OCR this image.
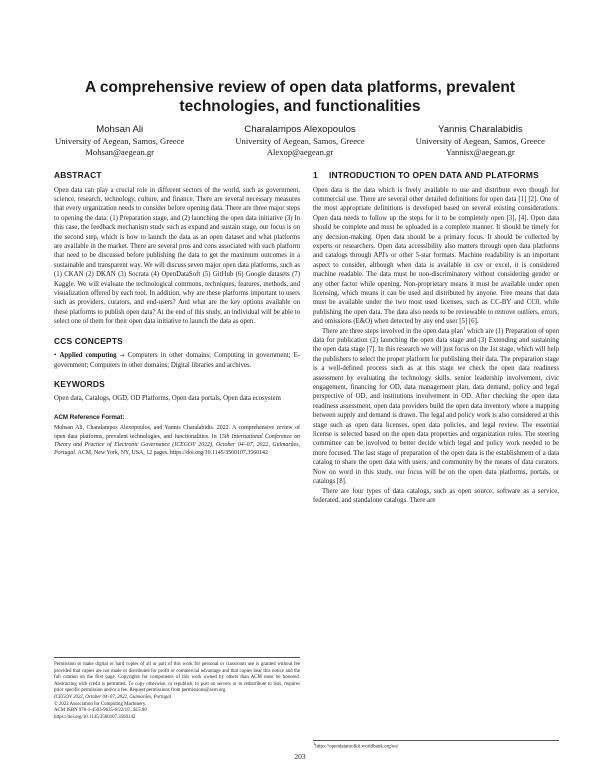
A comprehensive review of open data platforms, prevalent technologies, and functionalities
Mohsan Ali
University of Aegean, Samos, Greece
Mohsan@aegean.gr
Charalampos Alexopoulos
University of Aegean, Samos, Greece
Alexop@aegean.gr
Yannis Charalabidis
University of Aegean, Samos, Greece
Yannisx@aegean.gr
ABSTRACT

Open data can play a crucial role in different sectors of the world, such as government, science, research, technology, culture, and finance. There are several necessary measures that every organization needs to consider before opening data. There are three major steps to opening the data: (1) Preparation stage, and (2) launching the open data initiative (3) In this case, the feedback mechanism study such as expand and sustain stage, our focus is on the second step, which is how to launch the data as an open dataset and what platforms are available in the market. There are several pros and cons associated with each platform that need to be discussed before publishing the data to get the maximum outcomes in a sustainable and transparent way. We will discuss seven major open data platforms, such as (1) CKAN (2) DKAN (3) Socrata (4) OpenDataSoft (5) GitHub (6) Google datasets (7) Kaggle. We will evaluate the technological commons, techniques, features, methods, and visualization offered by each tool. In addition, why are these platforms important to users such as providers, curators, and end-users? And what are the key options available on these platforms to publish open data? At the end of this study, an individual will be able to select one of them for their open data initiative to launch the data as open.

CCS CONCEPTS

• Applied computing → Computers in other domains; Computing in government; E-government; Computers in other domains; Digital libraries and archives.

KEYWORDS

Open data, Catalogs, OGD, OD Platforms, Open data portals, Open data ecosystem

ACM Reference Format:

Mohsan Ali, Charalampos Alexopoulos, and Yannis Charalabidis. 2022. A comprehensive review of open data platforms, prevalent technologies, and functionalities. In 15th International Conference on Theory and Practice of Electronic Governance (ICEGOV 2022), October 04–07, 2022, Guimarães, Portugal. ACM, New York, NY, USA, 12 pages. https://doi.org/10.1145/3560107.3560142

Permission to make digital or hard copies of all or part of this work for personal or classroom use is granted without fee provided that copies are not made or distributed for profit or commercial advantage and that copies bear this notice and the full citation on the first page. Copyrights for components of this work owned by others than ACM must be honored. Abstracting with credit is permitted. To copy otherwise, or republish, to post on servers or to redistribute to lists, requires prior specific permission and/or a fee. Request permissions from permissions@acm.org.
ICEGOV 2022, October 04–07, 2022, Guimarães, Portugal
© 2022 Association for Computing Machinery.
ACM ISBN 978-1-4503-9635-6/22/10...$15.00
https://doi.org/10.1145/3560107.3560142
1	INTRODUCTION TO OPEN DATA AND PLATFORMS

Open data is the data which is freely available to use and distribute even though for commercial use. There are several other detailed definitions for open data [1] [2]. One of the most appropriate definitions is developed based on several existing considerations. Open data needs to follow up the steps for it to be completely open [3], [4]. Open data should be complete and must be uploaded in a complete manner. It should be timely for any decision-making. Open data should be a primary focus. It should be collected by experts or researchers. Open data accessibility also matters through open data platforms and catalogs through API's or other 5-star formats. Machine readability is an important aspect to consider, although when data is available in csv or excel, it is considered machine readable. The data must be non-discriminatory without considering gender or any other factor while opening. Non-proprietary means it must be available under open licensing, which means it can be used and distributed by anyone. Free means that data must be available under the two most used licenses, such as CC-BY and CC0, while publishing the open data. The data also needs to be reviewable to remove outliers, errors, and omissions (E&O) when detected by any end user [5] [6].

There are three steps involved in the open data plan$^1$ which are (1) Preparation of open data for publication (2) launching the open data stage and (3) Extending and sustaining the open data stage [7]. In this research we will just focus on the 1st stage, which will help the publishers to select the proper platform for publishing their data. The preparation stage is a well-defined process such as at this stage we check the open data readiness assessment by evaluating the technology skills, senior leadership involvement, civic engagement, financing for OD, data management plan, data demand, policy and legal perspective of OD, and institutions involvement in OD. After checking the open data readiness assessment, open data providers build the open data inventory where a mapping between supply and demand is drawn. The legal and policy work is also considered at this stage such as open data licenses, open data policies, and legal review. The essential license is selected based on the open data properties and organization rules. The steering committee can be involved to better decide which legal and policy work needed to be more focused. The last stage of preparation of the open data is the establishment of a data catalog to share the open data with users, and community by the means of data curators. Now on word in this study, our focus will be on the open data platforms, portals, or catalogs [8].

There are four types of data catalogs, such as open source, software as a service, federated, and standalone catalogs. There are

$^1$https://opendatatoolkit.worldbank.org/en/
203
